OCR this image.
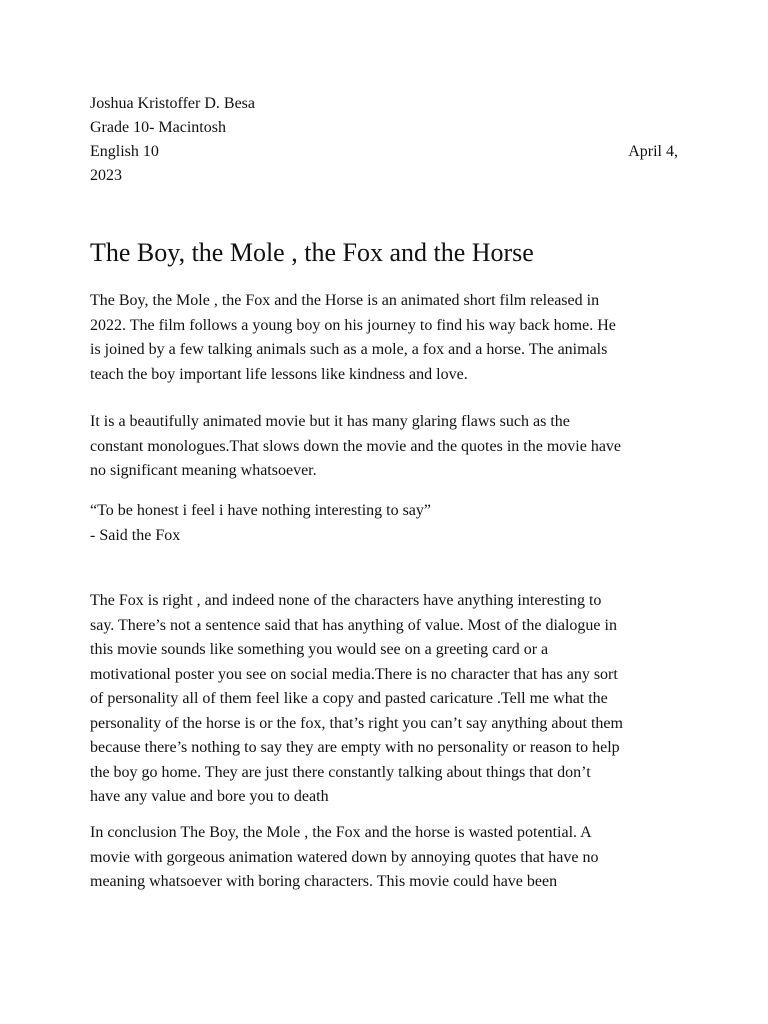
Joshua Kristoffer D. Besa

Grade 10- Macintosh

English 10	April 4,

2023

The Boy, the Mole , the Fox and the Horse

The Boy, the Mole , the Fox and the Horse is an animated short film released in

2022. The film follows a young boy on his journey to find his way back home. He

is joined by a few talking animals such as a mole, a fox and a horse. The animals

teach the boy important life lessons like kindness and love.

It is a beautifully animated movie but it has many glaring flaws such as the

constant monologues.That slows down the movie and the quotes in the movie have

no significant meaning whatsoever.

“To be honest i feel i have nothing interesting to say”

- Said the Fox

The Fox is right , and indeed none of the characters have anything interesting to

say. There’s not a sentence said that has anything of value. Most of the dialogue in

this movie sounds like something you would see on a greeting card or a

motivational poster you see on social media.There is no character that has any sort

of personality all of them feel like a copy and pasted caricature .Tell me what the

personality of the horse is or the fox, that’s right you can’t say anything about them

because there’s nothing to say they are empty with no personality or reason to help

the boy go home. They are just there constantly talking about things that don’t

have any value and bore you to death

In conclusion The Boy, the Mole , the Fox and the horse is wasted potential. A

movie with gorgeous animation watered down by annoying quotes that have no

meaning whatsoever with boring characters. This movie could have been
